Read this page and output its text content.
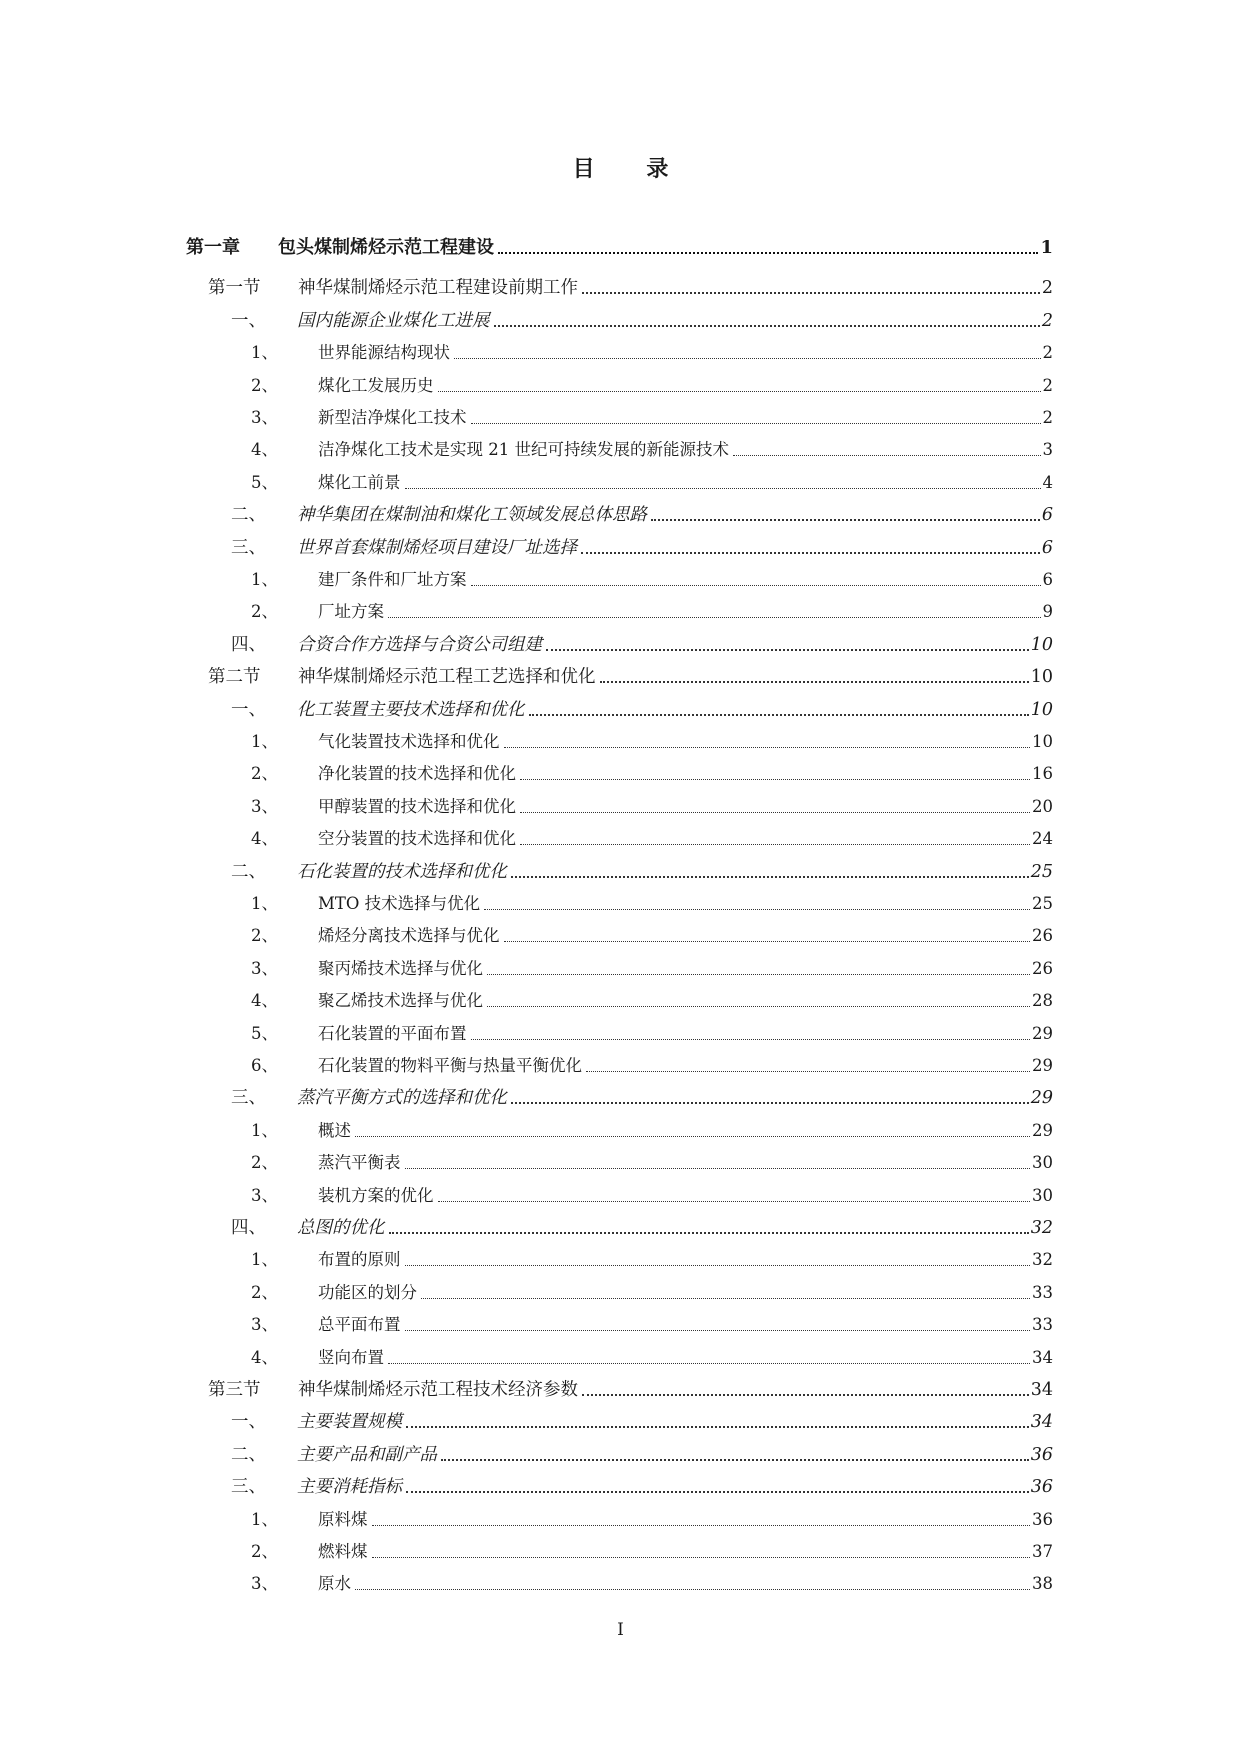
目 录
第一章	包头煤制烯烃示范工程建设	1
第一节	神华煤制烯烃示范工程建设前期工作	2
一、	国内能源企业煤化工进展	2
1、	世界能源结构现状	2
2、	煤化工发展历史	2
3、	新型洁净煤化工技术	2
4、	洁净煤化工技术是实现 21 世纪可持续发展的新能源技术	3
5、	煤化工前景	4
二、	神华集团在煤制油和煤化工领域发展总体思路	6
三、	世界首套煤制烯烃项目建设厂址选择	6
1、	建厂条件和厂址方案	6
2、	厂址方案	9
四、	合资合作方选择与合资公司组建	10
第二节	神华煤制烯烃示范工程工艺选择和优化	10
一、	化工装置主要技术选择和优化	10
1、	气化装置技术选择和优化	10
2、	净化装置的技术选择和优化	16
3、	甲醇装置的技术选择和优化	20
4、	空分装置的技术选择和优化	24
二、	石化装置的技术选择和优化	25
1、	MTO 技术选择与优化	25
2、	烯烃分离技术选择与优化	26
3、	聚丙烯技术选择与优化	26
4、	聚乙烯技术选择与优化	28
5、	石化装置的平面布置	29
6、	石化装置的物料平衡与热量平衡优化	29
三、	蒸汽平衡方式的选择和优化	29
1、	概述	29
2、	蒸汽平衡表	30
3、	装机方案的优化	30
四、	总图的优化	32
1、	布置的原则	32
2、	功能区的划分	33
3、	总平面布置	33
4、	竖向布置	34
第三节	神华煤制烯烃示范工程技术经济参数	34
一、	主要装置规模	34
二、	主要产品和副产品	36
三、	主要消耗指标	36
1、	原料煤	36
2、	燃料煤	37
3、	原水	38
I
